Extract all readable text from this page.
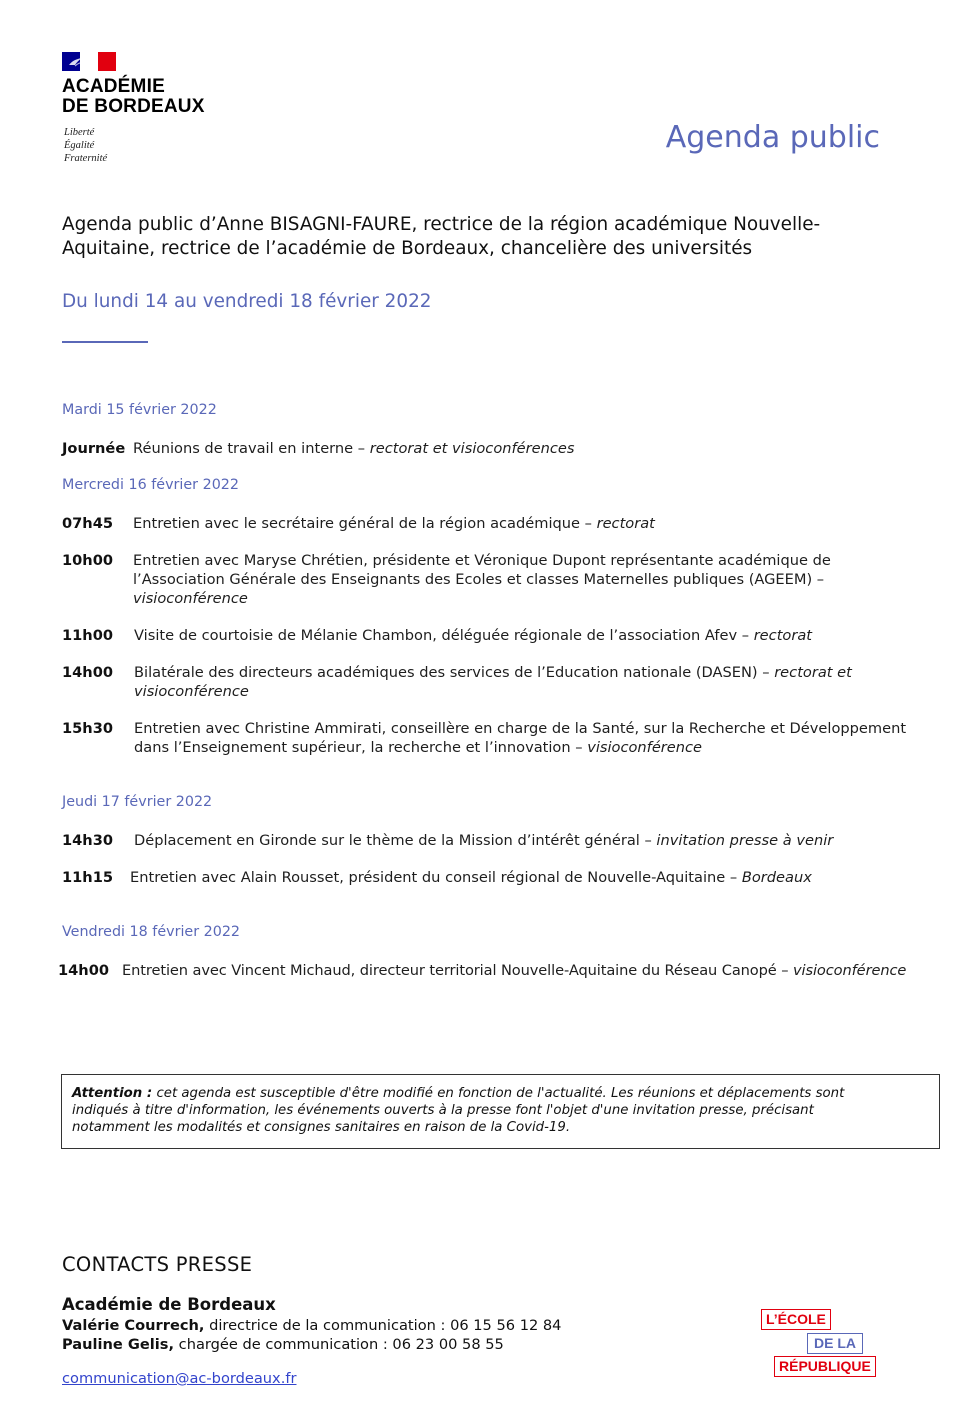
ACADÉMIE
DE BORDEAUX
Liberté
Égalité
Fraternité
Agenda public
Agenda public d’Anne BISAGNI-FAURE, rectrice de la région académique Nouvelle-
Aquitaine, rectrice de l’académie de Bordeaux, chancelière des universités
Du lundi 14 au vendredi 18 février 2022
Mardi 15 février 2022
Journée Réunions de travail en interne – rectorat et visioconférences
Mercredi 16 février 2022
07h45 Entretien avec le secrétaire général de la région académique – rectorat
10h00 Entretien avec Maryse Chrétien, présidente et Véronique Dupont représentante académique de
l’Association Générale des Enseignants des Ecoles et classes Maternelles publiques (AGEEM) –
visioconférence
11h00 Visite de courtoisie de Mélanie Chambon, déléguée régionale de l’association Afev – rectorat
14h00 Bilatérale des directeurs académiques des services de l’Education nationale (DASEN) – rectorat et
visioconférence
15h30 Entretien avec Christine Ammirati, conseillère en charge de la Santé, sur la Recherche et Développement
dans l’Enseignement supérieur, la recherche et l’innovation – visioconférence
Jeudi 17 février 2022
14h30 Déplacement en Gironde sur le thème de la Mission d’intérêt général – invitation presse à venir
11h15 Entretien avec Alain Rousset, président du conseil régional de Nouvelle-Aquitaine – Bordeaux
Vendredi 18 février 2022
14h00 Entretien avec Vincent Michaud, directeur territorial Nouvelle-Aquitaine du Réseau Canopé – visioconférence
Attention : cet agenda est susceptible d'être modifié en fonction de l'actualité. Les réunions et déplacements sont
indiqués à titre d'information, les événements ouverts à la presse font l'objet d'une invitation presse, précisant
notamment les modalités et consignes sanitaires en raison de la Covid-19.
CONTACTS PRESSE
Académie de Bordeaux
Valérie Courrech, directrice de la communication : 06 15 56 12 84
Pauline Gelis, chargée de communication : 06 23 00 58 55
communication@ac-bordeaux.fr
L’ÉCOLE
DE LA
RÉPUBLIQUE
